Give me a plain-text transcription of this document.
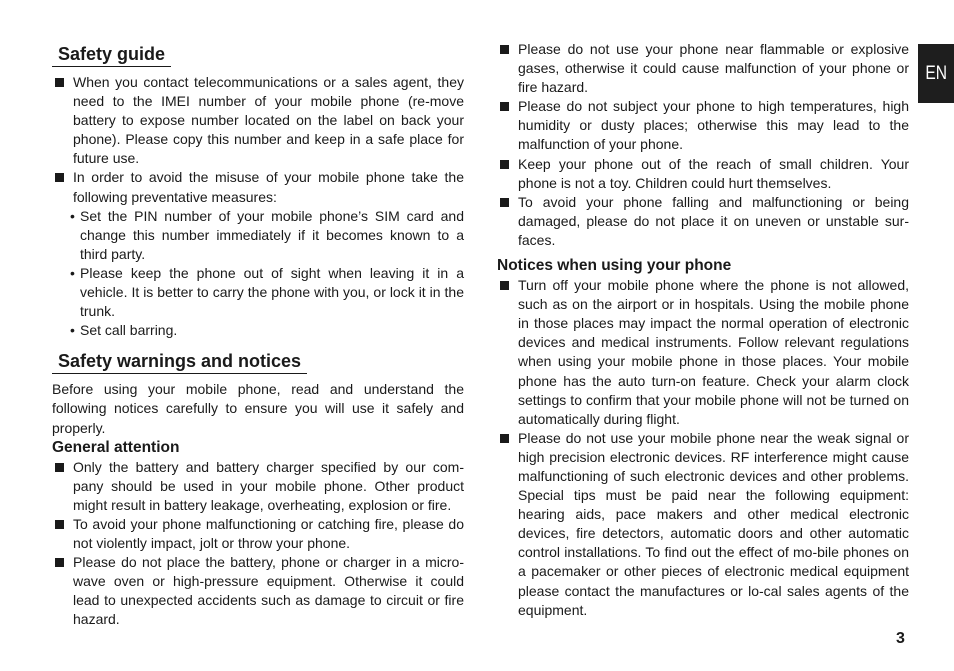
Safety guide
When you contact telecommunications or a sales agent, they need to the IMEI number of your mobile phone (re-move battery to expose number located on the label on back your phone). Please copy this number and keep in a safe place for future use.
In order to avoid the misuse of your mobile phone take the following preventative measures:
• Set the PIN number of your mobile phone’s SIM card and change this number immediately if it becomes known to a third party.
• Please keep the phone out of sight when leaving it in a vehicle. It is better to carry the phone with you, or lock it in the trunk.
• Set call barring.
Safety warnings and notices
Before using your mobile phone, read and understand the following notices carefully to ensure you will use it safely and properly.
General attention
Only the battery and battery charger specified by our com-pany should be used in your mobile phone. Other product might result in battery leakage, overheating, explosion or fire.
To avoid your phone malfunctioning or catching fire, please do not violently impact, jolt or throw your phone.
Please do not place the battery, phone or charger in a micro-wave oven or high-pressure equipment. Otherwise it could lead to unexpected accidents such as damage to circuit or fire hazard.
Please do not use your phone near flammable or explosive gases, otherwise it could cause malfunction of your phone or fire hazard.
Please do not subject your phone to high temperatures, high humidity or dusty places; otherwise this may lead to the malfunction of your phone.
Keep your phone out of the reach of small children. Your phone is not a toy. Children could hurt themselves.
To avoid your phone falling and malfunctioning or being damaged, please do not place it on uneven or unstable sur-faces.
Notices when using your phone
Turn off your mobile phone where the phone is not allowed, such as on the airport or in hospitals. Using the mobile phone in those places may impact the normal operation of electronic devices and medical instruments. Follow relevant regulations when using your mobile phone in those places. Your mobile phone has the auto turn-on feature. Check your alarm clock settings to confirm that your mobile phone will not be turned on automatically during flight.
Please do not use your mobile phone near the weak signal or high precision electronic devices. RF interference might cause malfunctioning of such electronic devices and other problems. Special tips must be paid near the following equipment: hearing aids, pace makers and other medical electronic devices, fire detectors, automatic doors and other automatic control installations. To find out the effect of mo-bile phones on a pacemaker or other pieces of electronic medical equipment please contact the manufactures or lo-cal sales agents of the equipment.
EN
3
